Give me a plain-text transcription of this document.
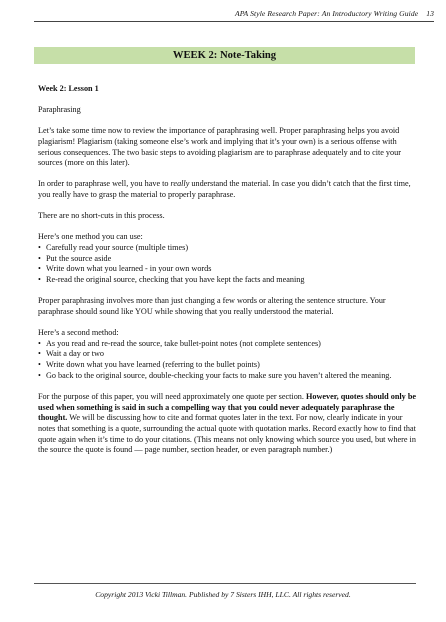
APA Style Research Paper: An Introductory Writing Guide 13
WEEK 2: Note-Taking

Week 2: Lesson 1

Paraphrasing

Let’s take some time now to review the importance of paraphrasing well. Proper paraphrasing helps you avoid plagiarism! Plagiarism (taking someone else’s work and implying that it’s your own) is a serious offense with serious consequences. The two basic steps to avoiding plagiarism are to paraphrase adequately and to cite your sources (more on this later).

In order to paraphrase well, you have to really understand the material. In case you didn’t catch that the first time, you really have to grasp the material to properly paraphrase.

There are no short-cuts in this process.

Here’s one method you can use:

• Carefully read your source (multiple times)
• Put the source aside
• Write down what you learned - in your own words
• Re-read the original source, checking that you have kept the facts and meaning

Proper paraphrasing involves more than just changing a few words or altering the sentence structure. Your paraphrase should sound like YOU while showing that you really understood the material.

Here’s a second method:

• As you read and re-read the source, take bullet-point notes (not complete sentences)
• Wait a day or two
• Write down what you have learned (referring to the bullet points)
• Go back to the original source, double-checking your facts to make sure you haven’t altered the meaning.

For the purpose of this paper, you will need approximately one quote per section. However, quotes should only be used when something is said in such a compelling way that you could never adequately paraphrase the thought. We will be discussing how to cite and format quotes later in the text. For now, clearly indicate in your notes that something is a quote, surrounding the actual quote with quotation marks. Record exactly how to find that quote again when it’s time to do your citations. (This means not only knowing which source you used, but where in the source the quote is found — page number, section header, or even paragraph number.)

Copyright 2013 Vicki Tillman. Published by 7 Sisters IHH, LLC. All rights reserved.
